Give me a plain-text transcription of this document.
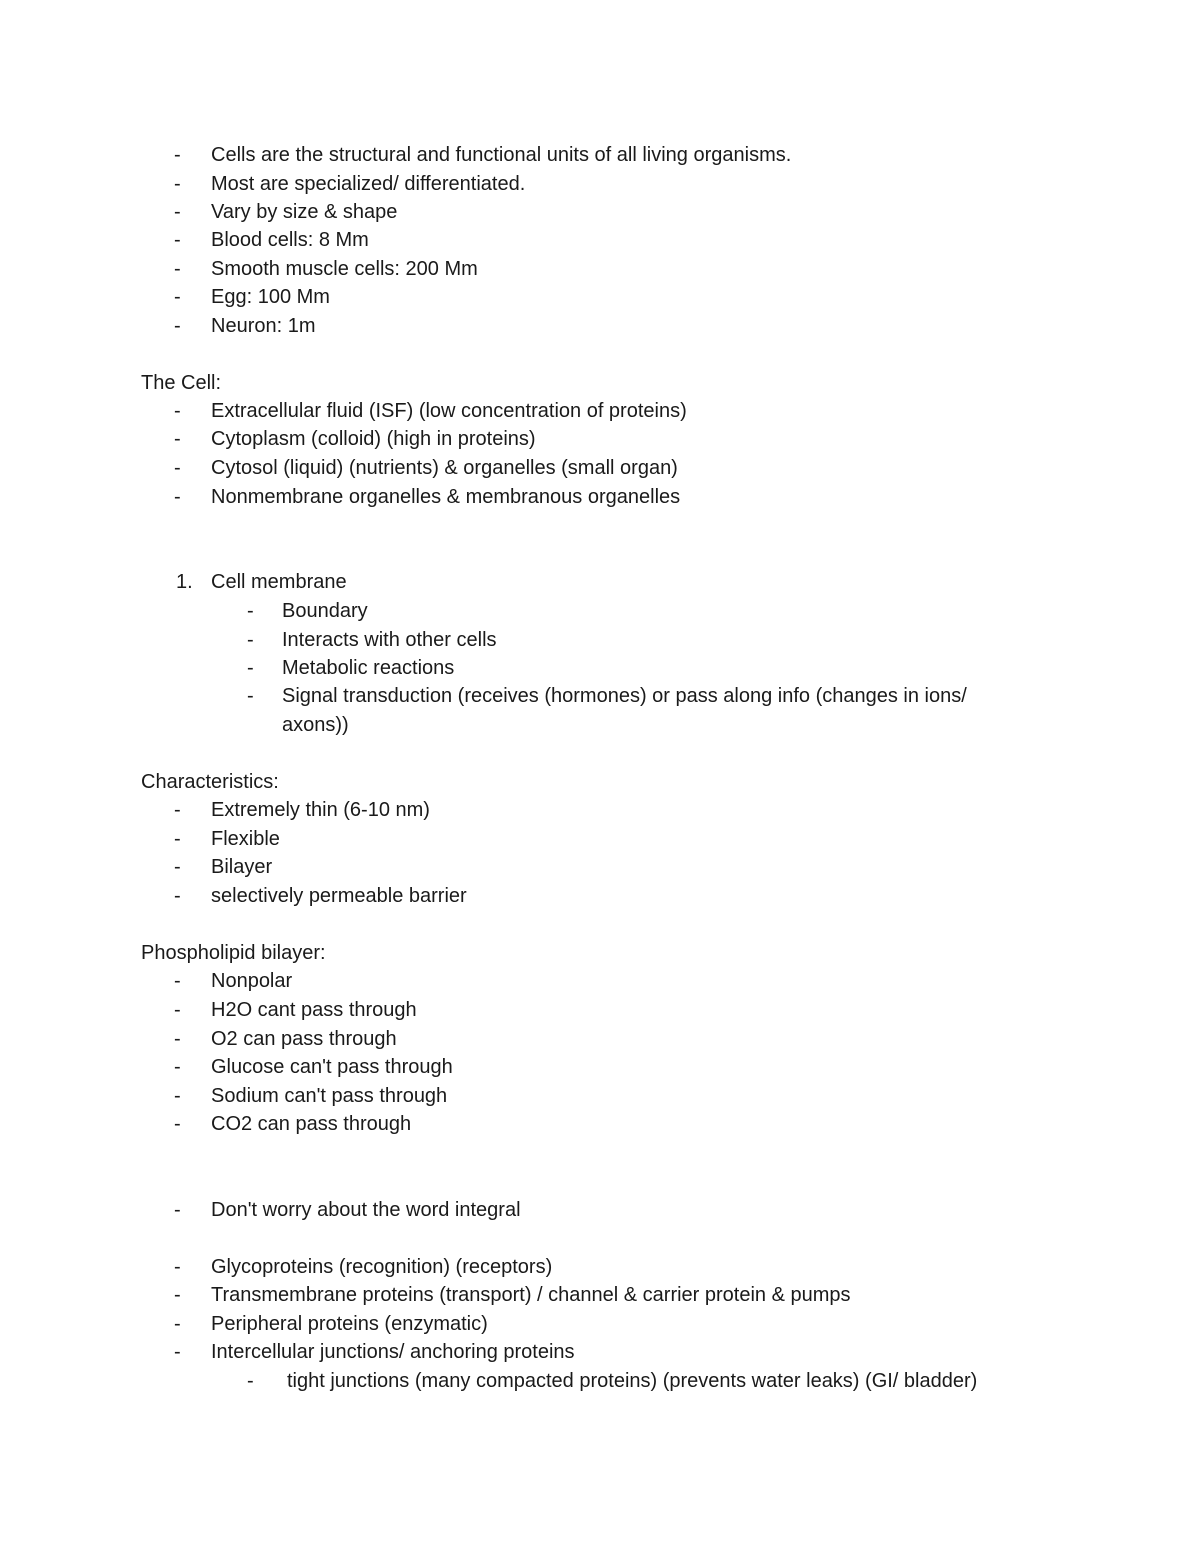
- Cells are the structural and functional units of all living organisms.
- Most are specialized/ differentiated.
- Vary by size & shape
- Blood cells: 8 Mm
- Smooth muscle cells: 200 Mm
- Egg: 100 Mm
- Neuron: 1m
The Cell:
- Extracellular fluid (ISF) (low concentration of proteins)
- Cytoplasm (colloid) (high in proteins)
- Cytosol (liquid) (nutrients) & organelles (small organ)
- Nonmembrane organelles & membranous organelles
1. Cell membrane
- Boundary
- Interacts with other cells
- Metabolic reactions
- Signal transduction (receives (hormones) or pass along info (changes in ions/
axons))
Characteristics:
- Extremely thin (6-10 nm)
- Flexible
- Bilayer
- selectively permeable barrier
Phospholipid bilayer:
- Nonpolar
- H2O cant pass through
- O2 can pass through
- Glucose can't pass through
- Sodium can't pass through
- CO2 can pass through
- Don't worry about the word integral
- Glycoproteins (recognition) (receptors)
- Transmembrane proteins (transport) / channel & carrier protein & pumps
- Peripheral proteins (enzymatic)
- Intercellular junctions/ anchoring proteins
- tight junctions (many compacted proteins) (prevents water leaks) (GI/ bladder)
